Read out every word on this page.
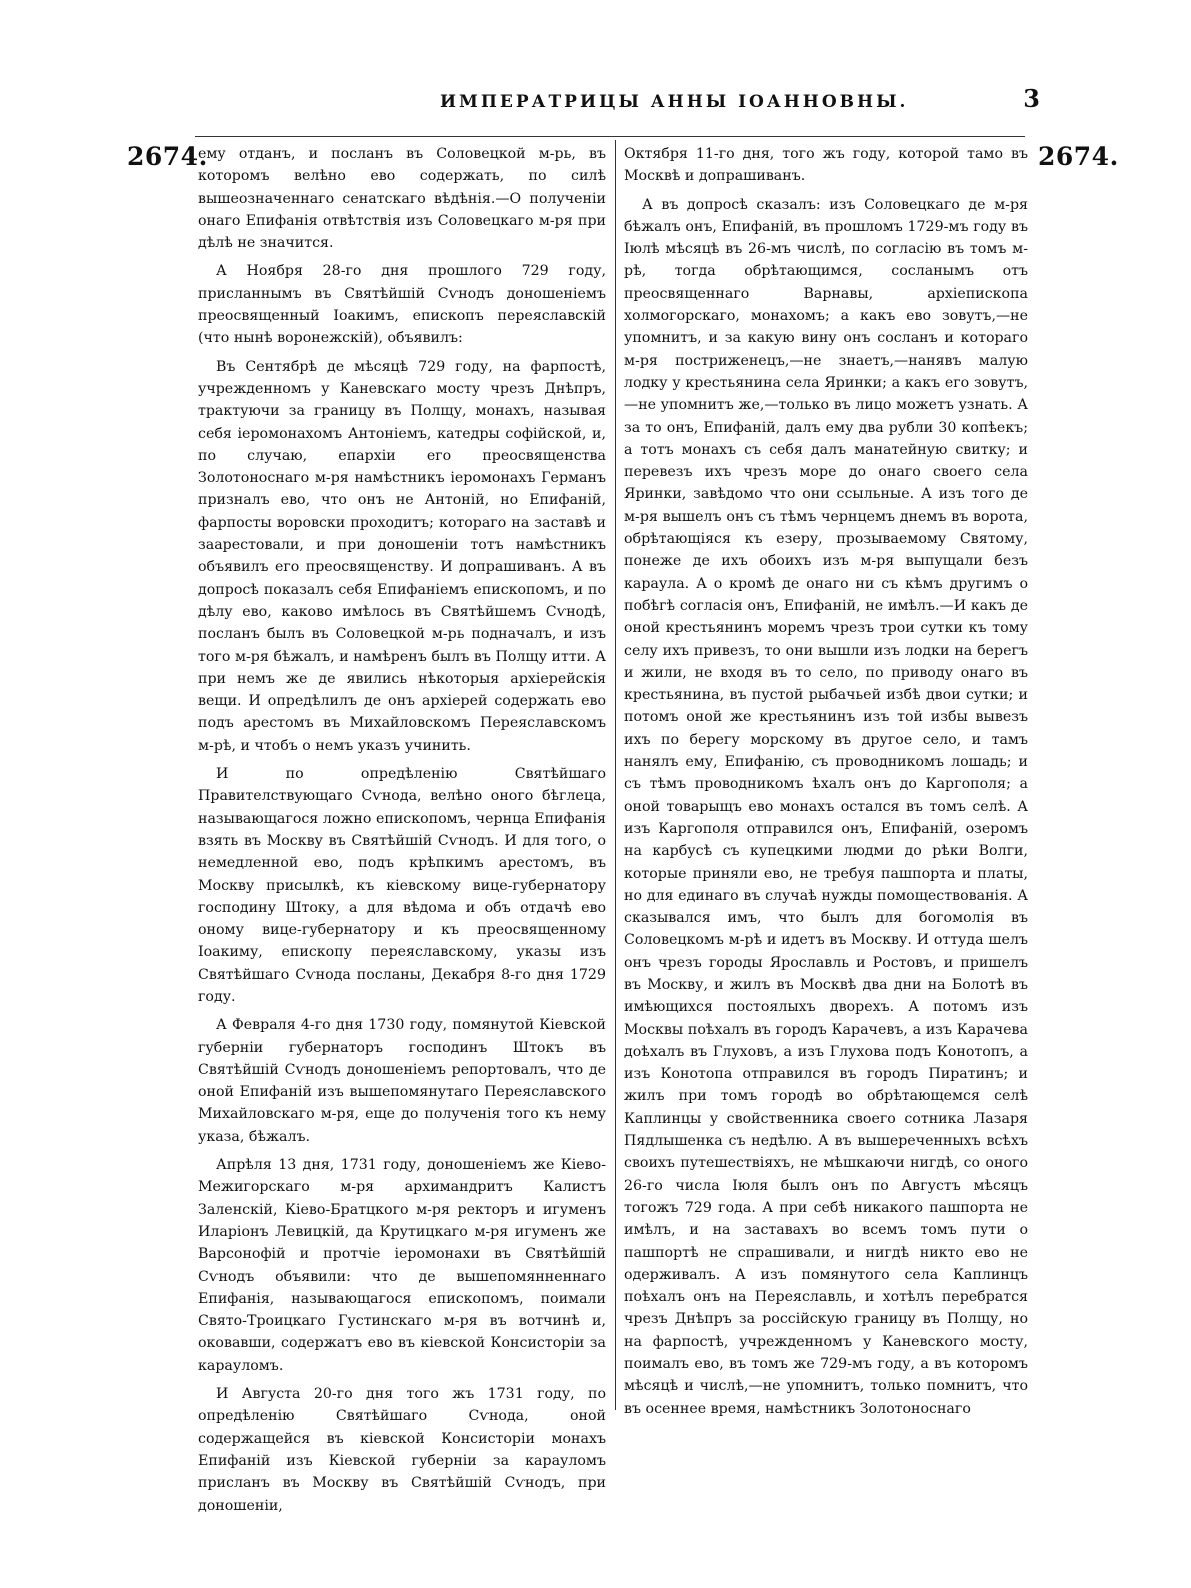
ИМПЕРАТРИЦЫ АННЫ ІОАННОВНЫ.	3
2674.	2674.

ему отданъ, и посланъ въ Соловецкой м-рь, въ которомъ велѣно ево содержать, по силѣ вышеозначеннаго сенатскаго вѣдѣнія.—О полученіи онаго Епифанія отвѣтствія изъ Соловецкаго м-ря при дѣлѣ не значится.

А Ноября 28-го дня прошлого 729 году, присланнымъ въ Святѣйшій Сѵнодъ доношеніемъ преосвященный Іоакимъ, епископъ переяславскій (что нынѣ воронежскій), объявилъ:

Въ Сентябрѣ де мѣсяцѣ 729 году, на фарпостѣ, учрежденномъ у Каневскаго мосту чрезъ Днѣпръ, трактуючи за границу въ Полщу, монахъ, называя себя іеромонахомъ Антоніемъ, катедры софійской, и, по случаю, епархіи его преосвященства Золотоноснаго м-ря намѣстникъ іеромонахъ Германъ призналъ ево, что онъ не Антоній, но Епифаній, фарпосты воровски проходитъ; котораго на заставѣ и заарестовали, и при доношеніи тотъ намѣстникъ объявилъ его преосвященству. И допрашиванъ. А въ допросѣ показалъ себя Епифаніемъ епископомъ, и по дѣлу ево, каково имѣлось въ Святѣйшемъ Сѵнодѣ, посланъ былъ въ Соловецкой м-рь подначалъ, и изъ того м-ря бѣжалъ, и намѣренъ былъ въ Полщу итти. А при немъ же де явились нѣкоторыя архіерейскія вещи. И опредѣлилъ де онъ архіерей содержать ево подъ арестомъ въ Михайловскомъ Переяславскомъ м-рѣ, и чтобъ о немъ указъ учинить.

И по опредѣленію Святѣйшаго Правителствующаго Сѵнода, велѣно оного бѣглеца, называющагося ложно епископомъ, чернца Епифанія взять въ Москву въ Святѣйшій Сѵнодъ. И для того, о немедленной ево, подъ крѣпкимъ арестомъ, въ Москву присылкѣ, къ кіевскому вице-губернатору господину Штоку, а для вѣдома и объ отдачѣ ево оному вице-губернатору и къ преосвященному Іоакиму, епископу переяславскому, указы изъ Святѣйшаго Сѵнода посланы, Декабря 8-го дня 1729 году.

А Февраля 4-го дня 1730 году, помянутой Кіевской губерніи губернаторъ господинъ Штокъ въ Святѣйшій Сѵнодъ доношеніемъ репортовалъ, что де оной Епифаній изъ вышепомянутаго Переяславского Михайловскаго м-ря, еще до полученія того къ нему указа, бѣжалъ.

Апрѣля 13 дня, 1731 году, доношеніемъ же Кіево-Межигорскаго м-ря архимандритъ Калистъ Заленскій, Кіево-Братцкого м-ря ректоръ и игуменъ Иларіонъ Левицкій, да Крутицкаго м-ря игуменъ же Варсонофій и протчіе іеромонахи въ Святѣйшій Сѵнодъ объявили: что де вышепомянненнаго Епифанія, называющагося епископомъ, поимали Свято-Троицкаго Густинскаго м-ря въ вотчинѣ и, оковавши, содержатъ ево въ кіевской Консисторіи за карауломъ.

И Августа 20-го дня того жъ 1731 году, по опредѣленію Святѣйшаго Сѵнода, оной содержащейся въ кіевской Консисторіи монахъ Епифаній изъ Кіевской губерніи за карауломъ присланъ въ Москву въ Святѣйшій Сѵнодъ, при доношеніи,

Октября 11-го дня, того жъ году, которой тамо въ Москвѣ и допрашиванъ.

А въ допросѣ сказалъ: изъ Соловецкаго де м-ря бѣжалъ онъ, Епифаній, въ прошломъ 1729-мъ году въ Іюлѣ мѣсяцѣ въ 26-мъ числѣ, по согласію въ томъ м-рѣ, тогда обрѣтающимся, сосланымъ отъ преосвященнаго Варнавы, архіепископа холмогорскаго, монахомъ; а какъ ево зовутъ,—не упомнитъ, и за какую вину онъ сосланъ и котораго м-ря постриженецъ,—не знаетъ,—нанявъ малую лодку у крестьянина села Яринки; а какъ его зовутъ,—не упомнитъ же,—только въ лицо можетъ узнать. А за то онъ, Епифаній, далъ ему два рубли 30 копѣекъ; а тотъ монахъ съ себя далъ манатейную свитку; и перевезъ ихъ чрезъ море до онаго своего села Яринки, завѣдомо что они ссыльные. А изъ того де м-ря вышелъ онъ съ тѣмъ чернцемъ днемъ въ ворота, обрѣтающіяся къ езеру, прозываемому Святому, понеже де ихъ обоихъ изъ м-ря выпущали безъ караула. А о кромѣ де онаго ни съ кѣмъ другимъ о побѣгѣ согласія онъ, Епифаній, не имѣлъ.—И какъ де оной крестьянинъ моремъ чрезъ трои сутки къ тому селу ихъ привезъ, то они вышли изъ лодки на берегъ и жили, не входя въ то село, по приводу онаго въ крестьянина, въ пустой рыбачьей избѣ двои сутки; и потомъ оной же крестьянинъ изъ той избы вывезъ ихъ по берегу морскому въ другое село, и тамъ нанялъ ему, Епифанію, съ проводникомъ лошадь; и съ тѣмъ проводникомъ ѣхалъ онъ до Каргополя; а оной товарыщъ ево монахъ остался въ томъ селѣ. А изъ Каргополя отправился онъ, Епифаній, озеромъ на карбусѣ съ купецкими людми до рѣки Волги, которые приняли ево, не требуя пашпорта и платы, но для единаго въ случаѣ нужды помоществованія. А сказывался имъ, что былъ для богомолія въ Соловецкомъ м-рѣ и идетъ въ Москву. И оттуда шелъ онъ чрезъ городы Ярославль и Ростовъ, и пришелъ въ Москву, и жилъ въ Москвѣ два дни на Болотѣ въ имѣющихся постоялыхъ дворехъ. А потомъ изъ Москвы поѣхалъ въ городъ Карачевъ, а изъ Карачева доѣхалъ въ Глуховъ, а изъ Глухова подъ Конотопъ, а изъ Конотопа отправился въ городъ Пиратинъ; и жилъ при томъ городѣ во обрѣтающемся селѣ Каплинцы у свойственника своего сотника Лазаря Пядлышенка съ недѣлю. А въ вышереченныхъ всѣхъ своихъ путешествіяхъ, не мѣшкаючи нигдѣ, со оного 26-го числа Іюля былъ онъ по Августъ мѣсяцъ тогожъ 729 года. А при себѣ никакого пашпорта не имѣлъ, и на заставахъ во всемъ томъ пути о пашпортѣ не спрашивали, и нигдѣ никто ево не одерживалъ. А изъ помянутого села Каплинцъ поѣхалъ онъ на Переяславль, и хотѣлъ перебратся чрезъ Днѣпръ за россійскую границу въ Полщу, но на фарпостѣ, учрежденномъ у Каневского мосту, поималъ ево, въ томъ же 729-мъ году, а въ которомъ мѣсяцѣ и числѣ,—не упомнитъ, только помнитъ, что въ осеннее время, намѣстникъ Золотоноснаго
